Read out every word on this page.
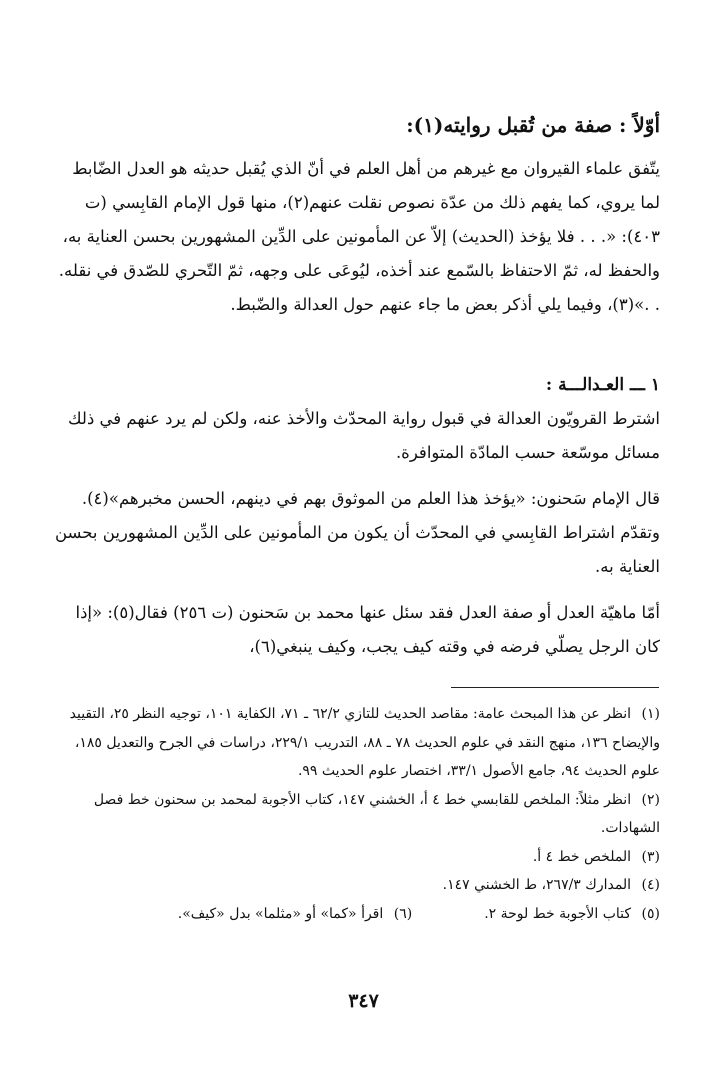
أوّلاً : صفة من تُقبل روايته(١):

يتّفق علماء القيروان مع غيرهم من أهل العلم في أنّ الذي يُقبل حديثه هو العدل الضّابط لما يروي، كما يفهم ذلك من عدّة نصوص نقلت عنهم(٢)، منها قول الإمام القابِسي (ت ٤٠٣): «. . . فلا يؤخذ (الحديث) إلاّ عن المأمونين على الدِّين المشهورين بحسن العناية به، والحفظ له، ثمّ الاحتفاظ بالسّمع عند أخذه، ليُوعَى على وجهه، ثمّ التّحري للصّدق في نقله. . .»(٣)، وفيما يلي أذكر بعض ما جاء عنهم حول العدالة والضّبط.

١ ـــ العـدالـــة :

اشترط القرويّون العدالة في قبول رواية المحدّث والأخذ عنه، ولكن لم يرد عنهم في ذلك مسائل موسّعة حسب المادّة المتوافرة.

قال الإمام سَحنون: «يؤخذ هذا العلم من الموثوق بهم في دينهم، الحسن مخبرهم»(٤). وتقدّم اشتراط القابِسي في المحدّث أن يكون من المأمونين على الدِّين المشهورين بحسن العناية به.

أمّا ماهيّة العدل أو صفة العدل فقد سئل عنها محمد بن سَحنون (ت ٢٥٦) فقال(٥): «إذا كان الرجل يصلّي فرضه في وقته كيف يجب، وكيف ينبغي(٦)،

(١) انظر عن هذا المبحث عامة: مقاصد الحديث للتازي ٦٢/٢ ـ ٧١، الكفاية ١٠١، توجيه النظر ٢٥، التقييد والإيضاح ١٣٦، منهج النقد في علوم الحديث ٧٨ ـ ٨٨، التدريب ٢٢٩/١، دراسات في الجرح والتعديل ١٨٥، علوم الحديث ٩٤، جامع الأصول ٣٣/١، اختصار علوم الحديث ٩٩.
(٢) انظر مثلاً: الملخص للقابسي خط ٤ أ، الخشني ١٤٧، كتاب الأجوبة لمحمد بن سحنون خط فصل الشهادات.
(٣) الملخص خط ٤ أ.
(٤) المدارك ٢٦٧/٣، ط الخشني ١٤٧.
(٥) كتاب الأجوبة خط لوحة ٢.
(٦) اقرأ «كما» أو «مثلما» بدل «كيف».
٣٤٧
